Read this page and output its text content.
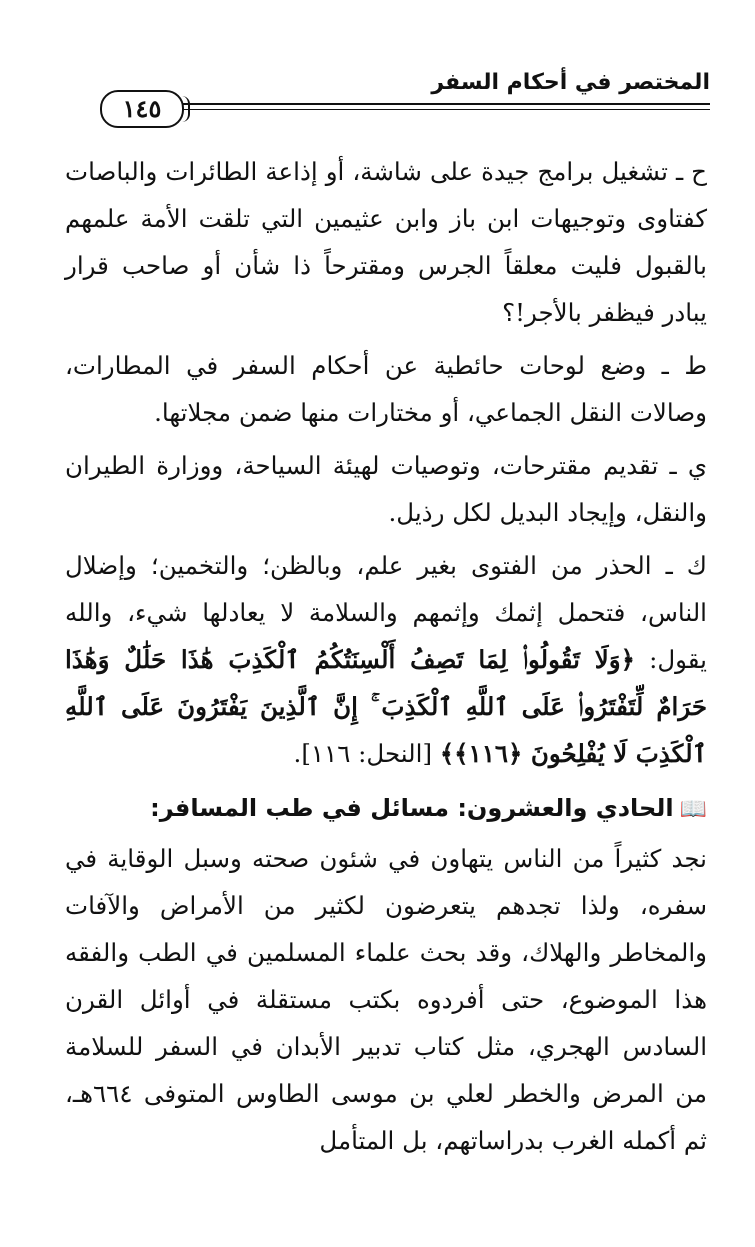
المختصر في أحكام السفر
١٤٥

ح ـ تشغيل برامج جيدة على شاشة، أو إذاعة الطائرات والباصات كفتاوى وتوجيهات ابن باز وابن عثيمين التي تلقت الأمة علمهم بالقبول فليت معلقاً الجرس ومقترحاً ذا شأن أو صاحب قرار يبادر فيظفر بالأجر!؟

ط ـ وضع لوحات حائطية عن أحكام السفر في المطارات، وصالات النقل الجماعي، أو مختارات منها ضمن مجلاتها.

ي ـ تقديم مقترحات، وتوصيات لهيئة السياحة، ووزارة الطيران والنقل، وإيجاد البديل لكل رذيل.

ك ـ الحذر من الفتوى بغير علم، وبالظن؛ والتخمين؛ وإضلال الناس، فتحمل إثمك وإثمهم والسلامة لا يعادلها شيء، والله يقول: ﴿وَلَا تَقُولُوا۟ لِمَا تَصِفُ أَلْسِنَتُكُمُ ٱلْكَذِبَ هَٰذَا حَلَٰلٌ وَهَٰذَا حَرَامٌ لِّتَفْتَرُوا۟ عَلَى ٱللَّهِ ٱلْكَذِبَ ۚ إِنَّ ٱلَّذِينَ يَفْتَرُونَ عَلَى ٱللَّهِ ٱلْكَذِبَ لَا يُفْلِحُونَ ﴿١١٦﴾﴾ [النحل: ١١٦].

📖الحادي والعشرون: مسائل في طب المسافر:

نجد كثيراً من الناس يتهاون في شئون صحته وسبل الوقاية في سفره، ولذا تجدهم يتعرضون لكثير من الأمراض والآفات والمخاطر والهلاك، وقد بحث علماء المسلمين في الطب والفقه هذا الموضوع، حتى أفردوه بكتب مستقلة في أوائل القرن السادس الهجري، مثل كتاب تدبير الأبدان في السفر للسلامة من المرض والخطر لعلي بن موسى الطاوس المتوفى ٦٦٤هـ، ثم أكمله الغرب بدراساتهم، بل المتأمل
